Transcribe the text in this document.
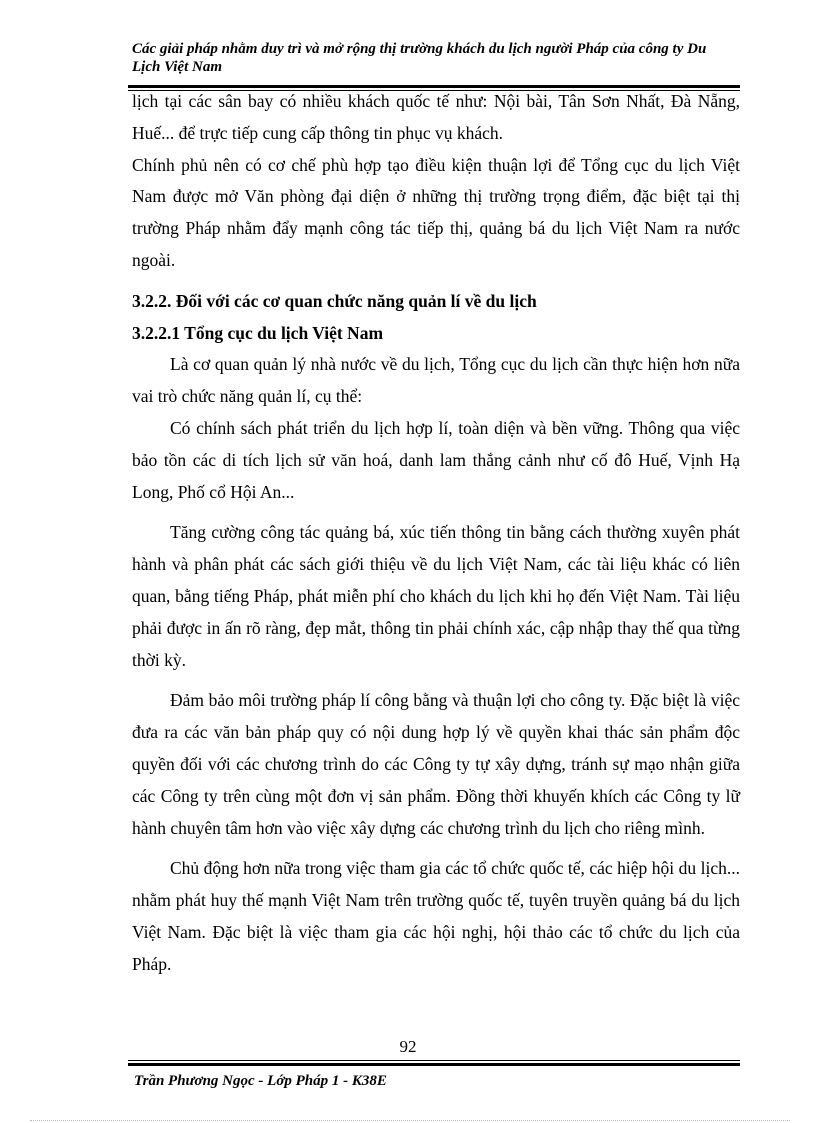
Các giải pháp nhằm duy trì và mở rộng thị trường khách du lịch người Pháp của công ty Du Lịch Việt Nam

lịch tại các sân bay có nhiều khách quốc tế như: Nội bài, Tân Sơn Nhất, Đà Nẵng, Huế... để trực tiếp cung cấp thông tin phục vụ khách.

Chính phủ nên có cơ chế phù hợp tạo điều kiện thuận lợi để Tổng cục du lịch Việt Nam được mở Văn phòng đại diện ở những thị trường trọng điểm, đặc biệt tại thị trường Pháp nhằm đẩy mạnh công tác tiếp thị, quảng bá du lịch Việt Nam ra nước ngoài.

3.2.2. Đối với các cơ quan chức năng quản lí về du lịch
3.2.2.1 Tổng cục du lịch Việt Nam

Là cơ quan quản lý nhà nước về du lịch, Tổng cục du lịch cần thực hiện hơn nữa vai trò chức năng quản lí, cụ thể:

Có chính sách phát triển du lịch hợp lí, toàn diện và bền vững. Thông qua việc bảo tồn các di tích lịch sử văn hoá, danh lam thắng cảnh như cố đô Huế, Vịnh Hạ Long, Phố cổ Hội An...

Tăng cường công tác quảng bá, xúc tiến thông tin bằng cách thường xuyên phát hành và phân phát các sách giới thiệu về du lịch Việt Nam, các tài liệu khác có liên quan, bằng tiếng Pháp, phát miễn phí cho khách du lịch khi họ đến Việt Nam. Tài liệu phải được in ấn rõ ràng, đẹp mắt, thông tin phải chính xác, cập nhập thay thế qua từng thời kỳ.

Đảm bảo môi trường pháp lí công bằng và thuận lợi cho công ty. Đặc biệt là việc đưa ra các văn bản pháp quy có nội dung hợp lý về quyền khai thác sản phẩm độc quyền đối với các chương trình do các Công ty tự xây dựng, tránh sự mạo nhận giữa các Công ty trên cùng một đơn vị sản phẩm. Đồng thời khuyến khích các Công ty lữ hành chuyên tâm hơn vào việc xây dựng các chương trình du lịch cho riêng mình.

Chủ động hơn nữa trong việc tham gia các tổ chức quốc tế, các hiệp hội du lịch... nhằm phát huy thế mạnh Việt Nam trên trường quốc tế, tuyên truyền quảng bá du lịch Việt Nam. Đặc biệt là việc tham gia các hội nghị, hội thảo các tổ chức du lịch của Pháp.

92
Trần Phương Ngọc - Lớp Pháp 1 - K38E
